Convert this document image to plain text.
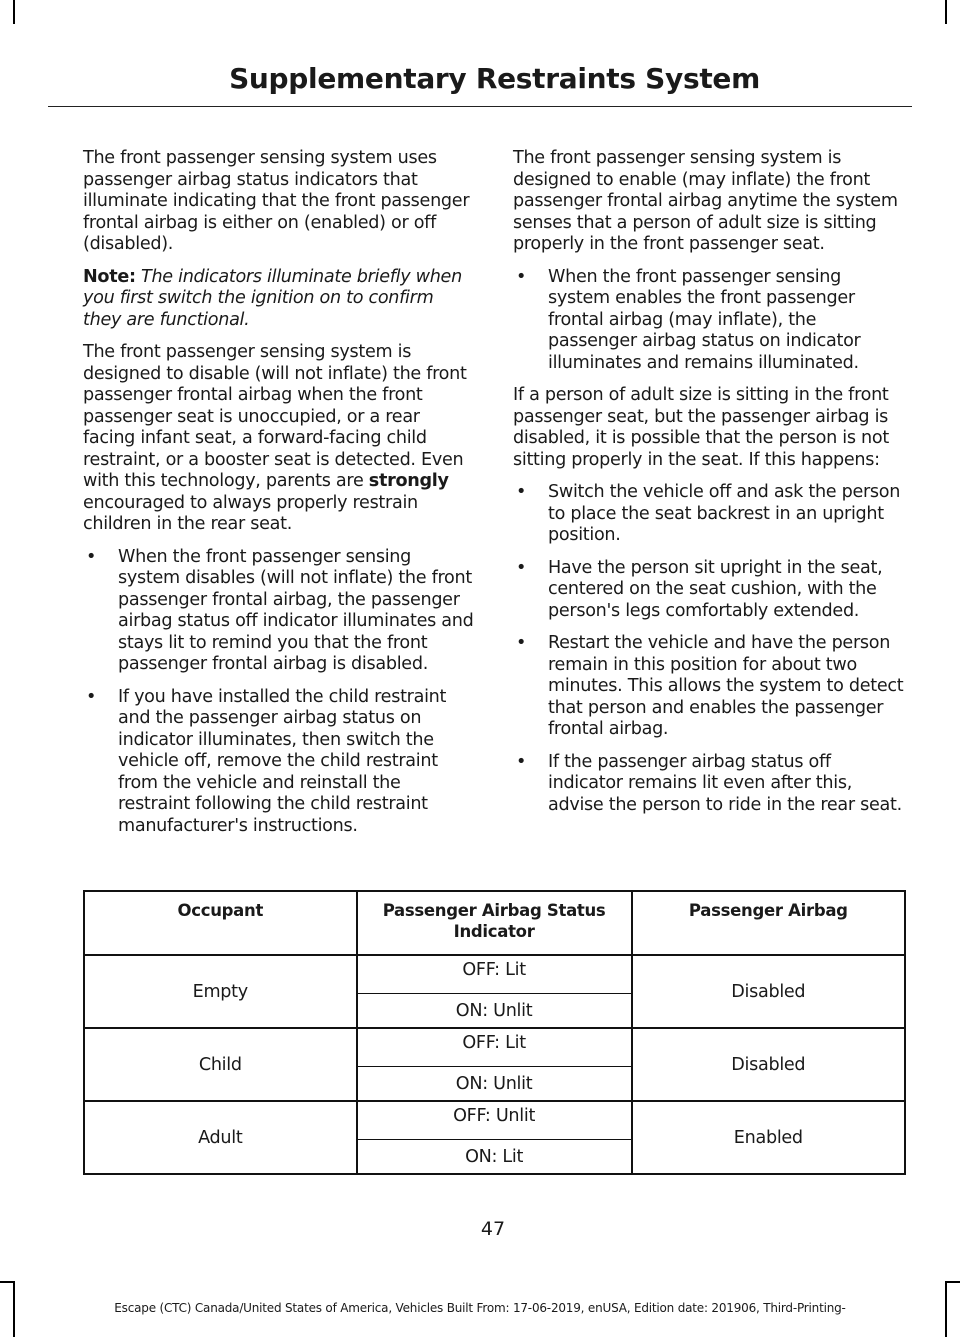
Supplementary Restraints System

The front passenger sensing system uses passenger airbag status indicators that illuminate indicating that the front passenger frontal airbag is either on (enabled) or off (disabled).

Note: The indicators illuminate briefly when you first switch the ignition on to confirm they are functional.

The front passenger sensing system is designed to disable (will not inflate) the front passenger frontal airbag when the front passenger seat is unoccupied, or a rear facing infant seat, a forward-facing child restraint, or a booster seat is detected. Even with this technology, parents are strongly encouraged to always properly restrain children in the rear seat.

• When the front passenger sensing system disables (will not inflate) the front passenger frontal airbag, the passenger airbag status off indicator illuminates and stays lit to remind you that the front passenger frontal airbag is disabled.
• If you have installed the child restraint and the passenger airbag status on indicator illuminates, then switch the vehicle off, remove the child restraint from the vehicle and reinstall the restraint following the child restraint manufacturer's instructions.

The front passenger sensing system is designed to enable (may inflate) the front passenger frontal airbag anytime the system senses that a person of adult size is sitting properly in the front passenger seat.

• When the front passenger sensing system enables the front passenger frontal airbag (may inflate), the passenger airbag status on indicator illuminates and remains illuminated.

If a person of adult size is sitting in the front passenger seat, but the passenger airbag is disabled, it is possible that the person is not sitting properly in the seat. If this happens:

• Switch the vehicle off and ask the person to place the seat backrest in an upright position.
• Have the person sit upright in the seat, centered on the seat cushion, with the person's legs comfortably extended.
• Restart the vehicle and have the person remain in this position for about two minutes. This allows the system to detect that person and enables the passenger frontal airbag.
• If the passenger airbag status off indicator remains lit even after this, advise the person to ride in the rear seat.
Occupant	Passenger Airbag Status Indicator	Passenger Airbag
Empty	OFF: Lit	Disabled
	ON: Unlit	
Child	OFF: Lit	Disabled
	ON: Unlit	
Adult	OFF: Unlit	Enabled
	ON: Lit	
47
Escape (CTC) Canada/United States of America, Vehicles Built From: 17-06-2019, enUSA, Edition date: 201906, Third-Printing-
